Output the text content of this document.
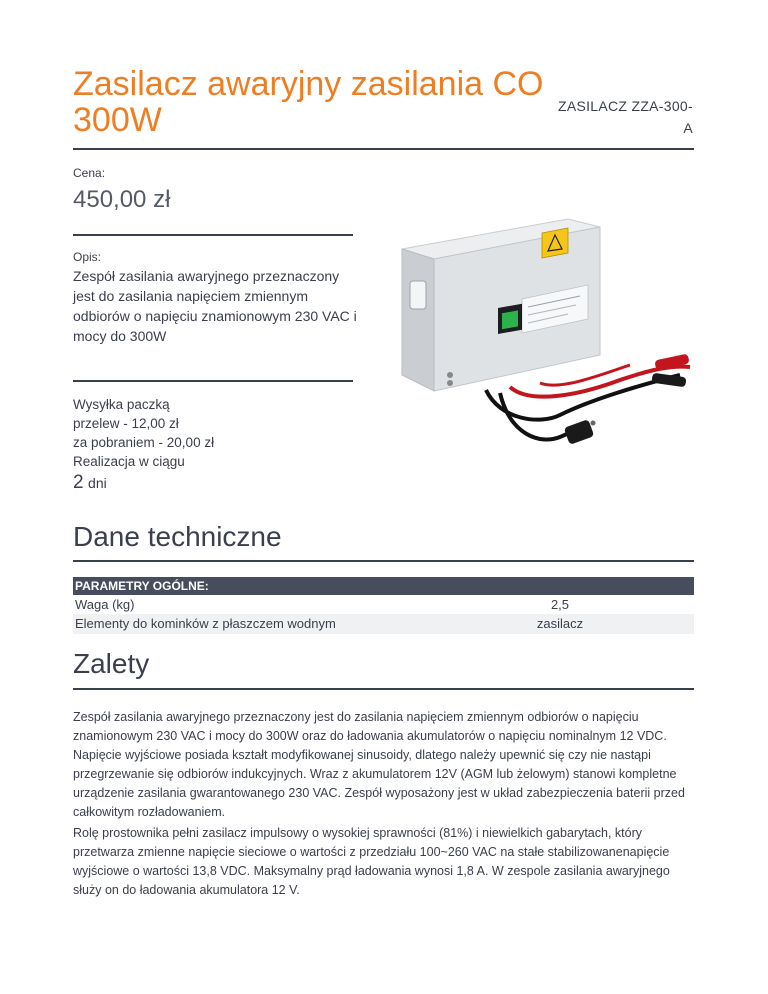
Zasilacz awaryjny zasilania CO 300W	ZASILACZ ZZA-300-A
Cena:
450,00 zł
Opis:
Zespół zasilania awaryjnego przeznaczony jest do zasilania napięciem zmiennym odbiorów o napięciu znamionowym 230 VAC i mocy do 300W
Wysyłka paczką
przelew - 12,00 zł
za pobraniem - 20,00 zł
Realizacja w ciągu
2 dni
Dane techniczne
PARAMETRY OGÓLNE:
Waga (kg)	2,5
Elementy do kominków z płaszczem wodnym	zasilacz
Zalety

Zespół zasilania awaryjnego przeznaczony jest do zasilania napięciem zmiennym odbiorów o napięciu znamionowym 230 VAC i mocy do 300W oraz do ładowania akumulatorów o napięciu nominalnym 12 VDC. Napięcie wyjściowe posiada kształt modyfikowanej sinusoidy, dlatego należy upewnić się czy nie nastąpi przegrzewanie się odbiorów indukcyjnych. Wraz z akumulatorem 12V (AGM lub żelowym) stanowi kompletne urządzenie zasilania gwarantowanego 230 VAC. Zespół wyposażony jest w układ zabezpieczenia baterii przed całkowitym rozładowaniem.

Rolę prostownika pełni zasilacz impulsowy o wysokiej sprawności (81%) i niewielkich gabarytach, który przetwarza zmienne napięcie sieciowe o wartości z przedziału 100~260 VAC na stałe stabilizowanenapięcie wyjściowe o wartości 13,8 VDC. Maksymalny prąd ładowania wynosi 1,8 A. W zespole zasilania awaryjnego służy on do ładowania akumulatora 12 V.
